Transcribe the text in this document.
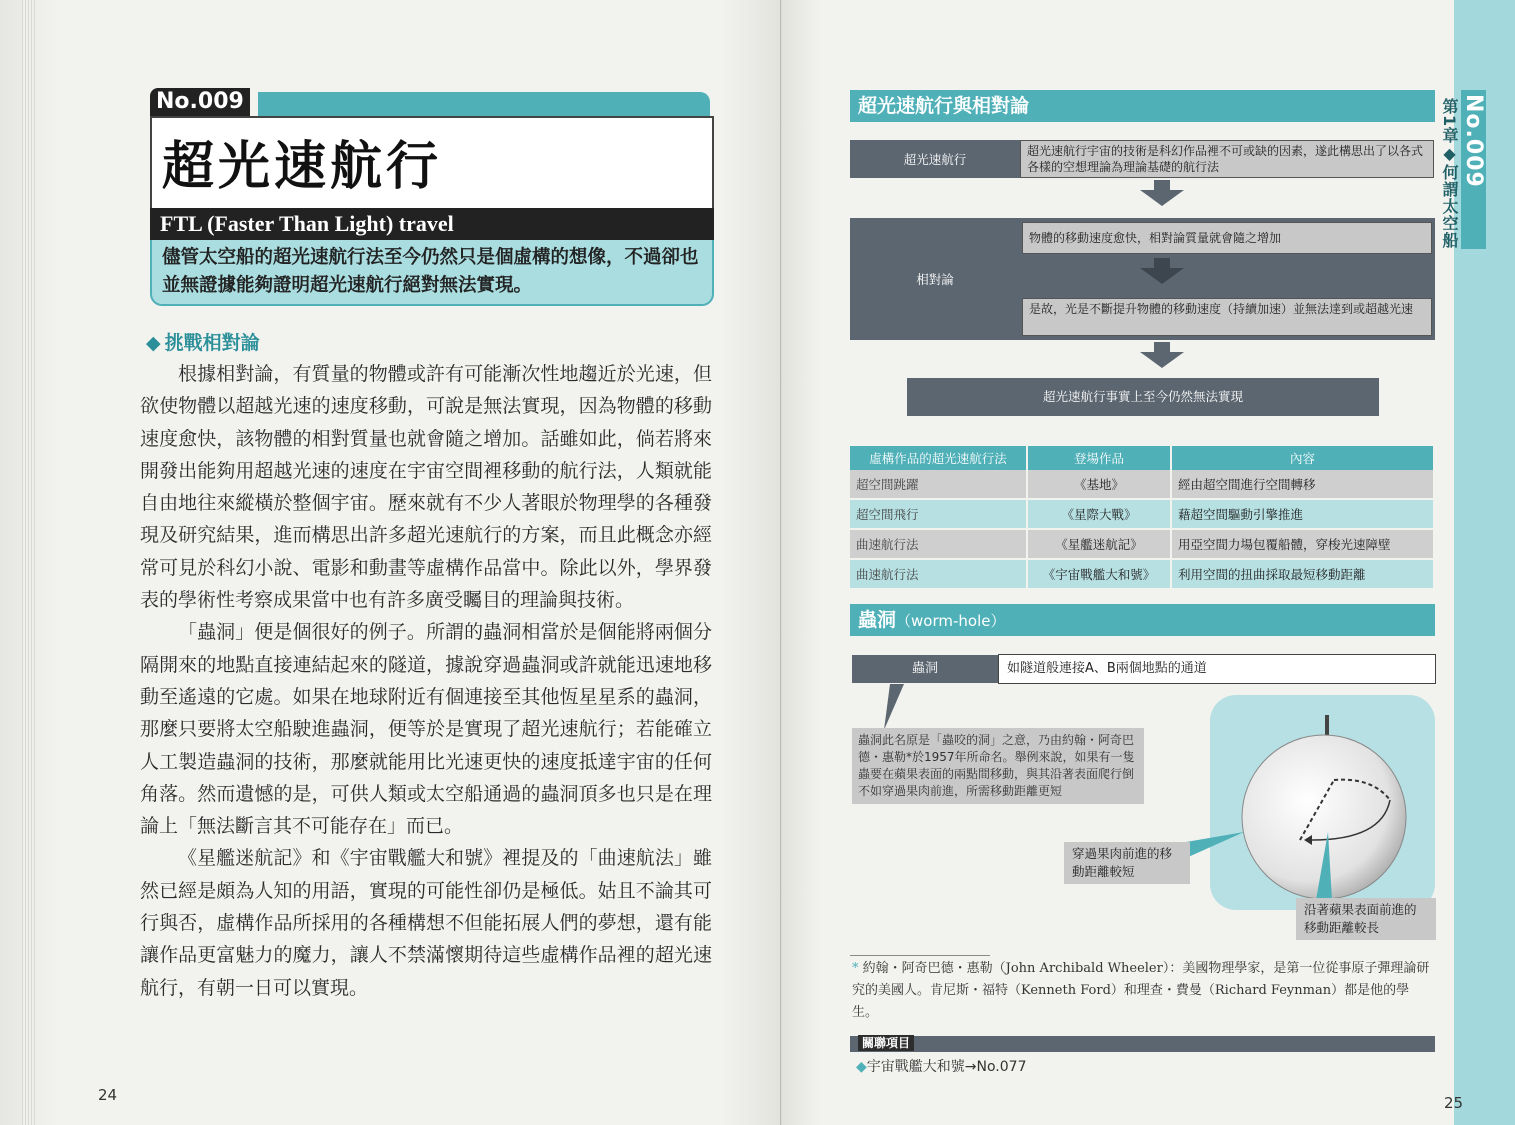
No.009
超光速航行
FTL (Faster Than Light) travel
儘管太空船的超光速航行法至今仍然只是個虛構的想像，不過卻也並無證據能夠證明超光速航行絕對無法實現。
◆ 挑戰相對論

根據相對論，有質量的物體或許有可能漸次性地趨近於光速，但欲使物體以超越光速的速度移動，可說是無法實現，因為物體的移動速度愈快，該物體的相對質量也就會隨之增加。話雖如此，倘若將來開發出能夠用超越光速的速度在宇宙空間裡移動的航行法，人類就能自由地往來縱橫於整個宇宙。歷來就有不少人著眼於物理學的各種發現及研究結果，進而構思出許多超光速航行的方案，而且此概念亦經常可見於科幻小說、電影和動畫等虛構作品當中。除此以外，學界發表的學術性考察成果當中也有許多廣受矚目的理論與技術。

「蟲洞」便是個很好的例子。所謂的蟲洞相當於是個能將兩個分隔開來的地點直接連結起來的隧道，據說穿過蟲洞或許就能迅速地移動至遙遠的它處。如果在地球附近有個連接至其他恆星星系的蟲洞，那麼只要將太空船駛進蟲洞，便等於是實現了超光速航行；若能確立人工製造蟲洞的技術，那麼就能用比光速更快的速度抵達宇宙的任何角落。然而遺憾的是，可供人類或太空船通過的蟲洞頂多也只是在理論上「無法斷言其不可能存在」而已。

《星艦迷航記》和《宇宙戰艦大和號》裡提及的「曲速航法」雖然已經是頗為人知的用語，實現的可能性卻仍是極低。姑且不論其可行與否，虛構作品所採用的各種構想不但能拓展人們的夢想，還有能讓作品更富魅力的魔力，讓人不禁滿懷期待這些虛構作品裡的超光速航行，有朝一日可以實現。

24
No.009
第1章◆何謂太空船
超光速航行與相對論
超光速航行
超光速航行宇宙的技術是科幻作品裡不可或缺的因素，遂此構思出了以各式各樣的空想理論為理論基礎的航行法
相對論
物體的移動速度愈快，相對論質量就會隨之增加
是故，光是不斷提升物體的移動速度（持續加速）並無法達到或超越光速
超光速航行事實上至今仍然無法實現
虛構作品的超光速航行法	登場作品	內容
超空間跳躍	《基地》	經由超空間進行空間轉移
超空間飛行	《星際大戰》	藉超空間驅動引擎推進
曲速航行法	《星艦迷航記》	用亞空間力場包覆船體，穿梭光速障壁
曲速航行法	《宇宙戰艦大和號》	利用空間的扭曲採取最短移動距離
蟲洞（worm-hole）
蟲洞	如隧道般連接A、B兩個地點的通道
蟲洞此名原是「蟲咬的洞」之意，乃由約翰・阿奇巴德・惠勒*於1957年所命名。舉例來說，如果有一隻蟲要在蘋果表面的兩點間移動，與其沿著表面爬行倒不如穿過果肉前進，所需移動距離更短
穿過果肉前進的移動距離較短
沿著蘋果表面前進的移動距離較長
* 約翰・阿奇巴德・惠勒（John Archibald Wheeler）：美國物理學家，是第一位從事原子彈理論研究的美國人。肯尼斯・福特（Kenneth Ford）和理查・費曼（Richard Feynman）都是他的學生。
關聯項目
◆宇宙戰艦大和號→No.077
25
